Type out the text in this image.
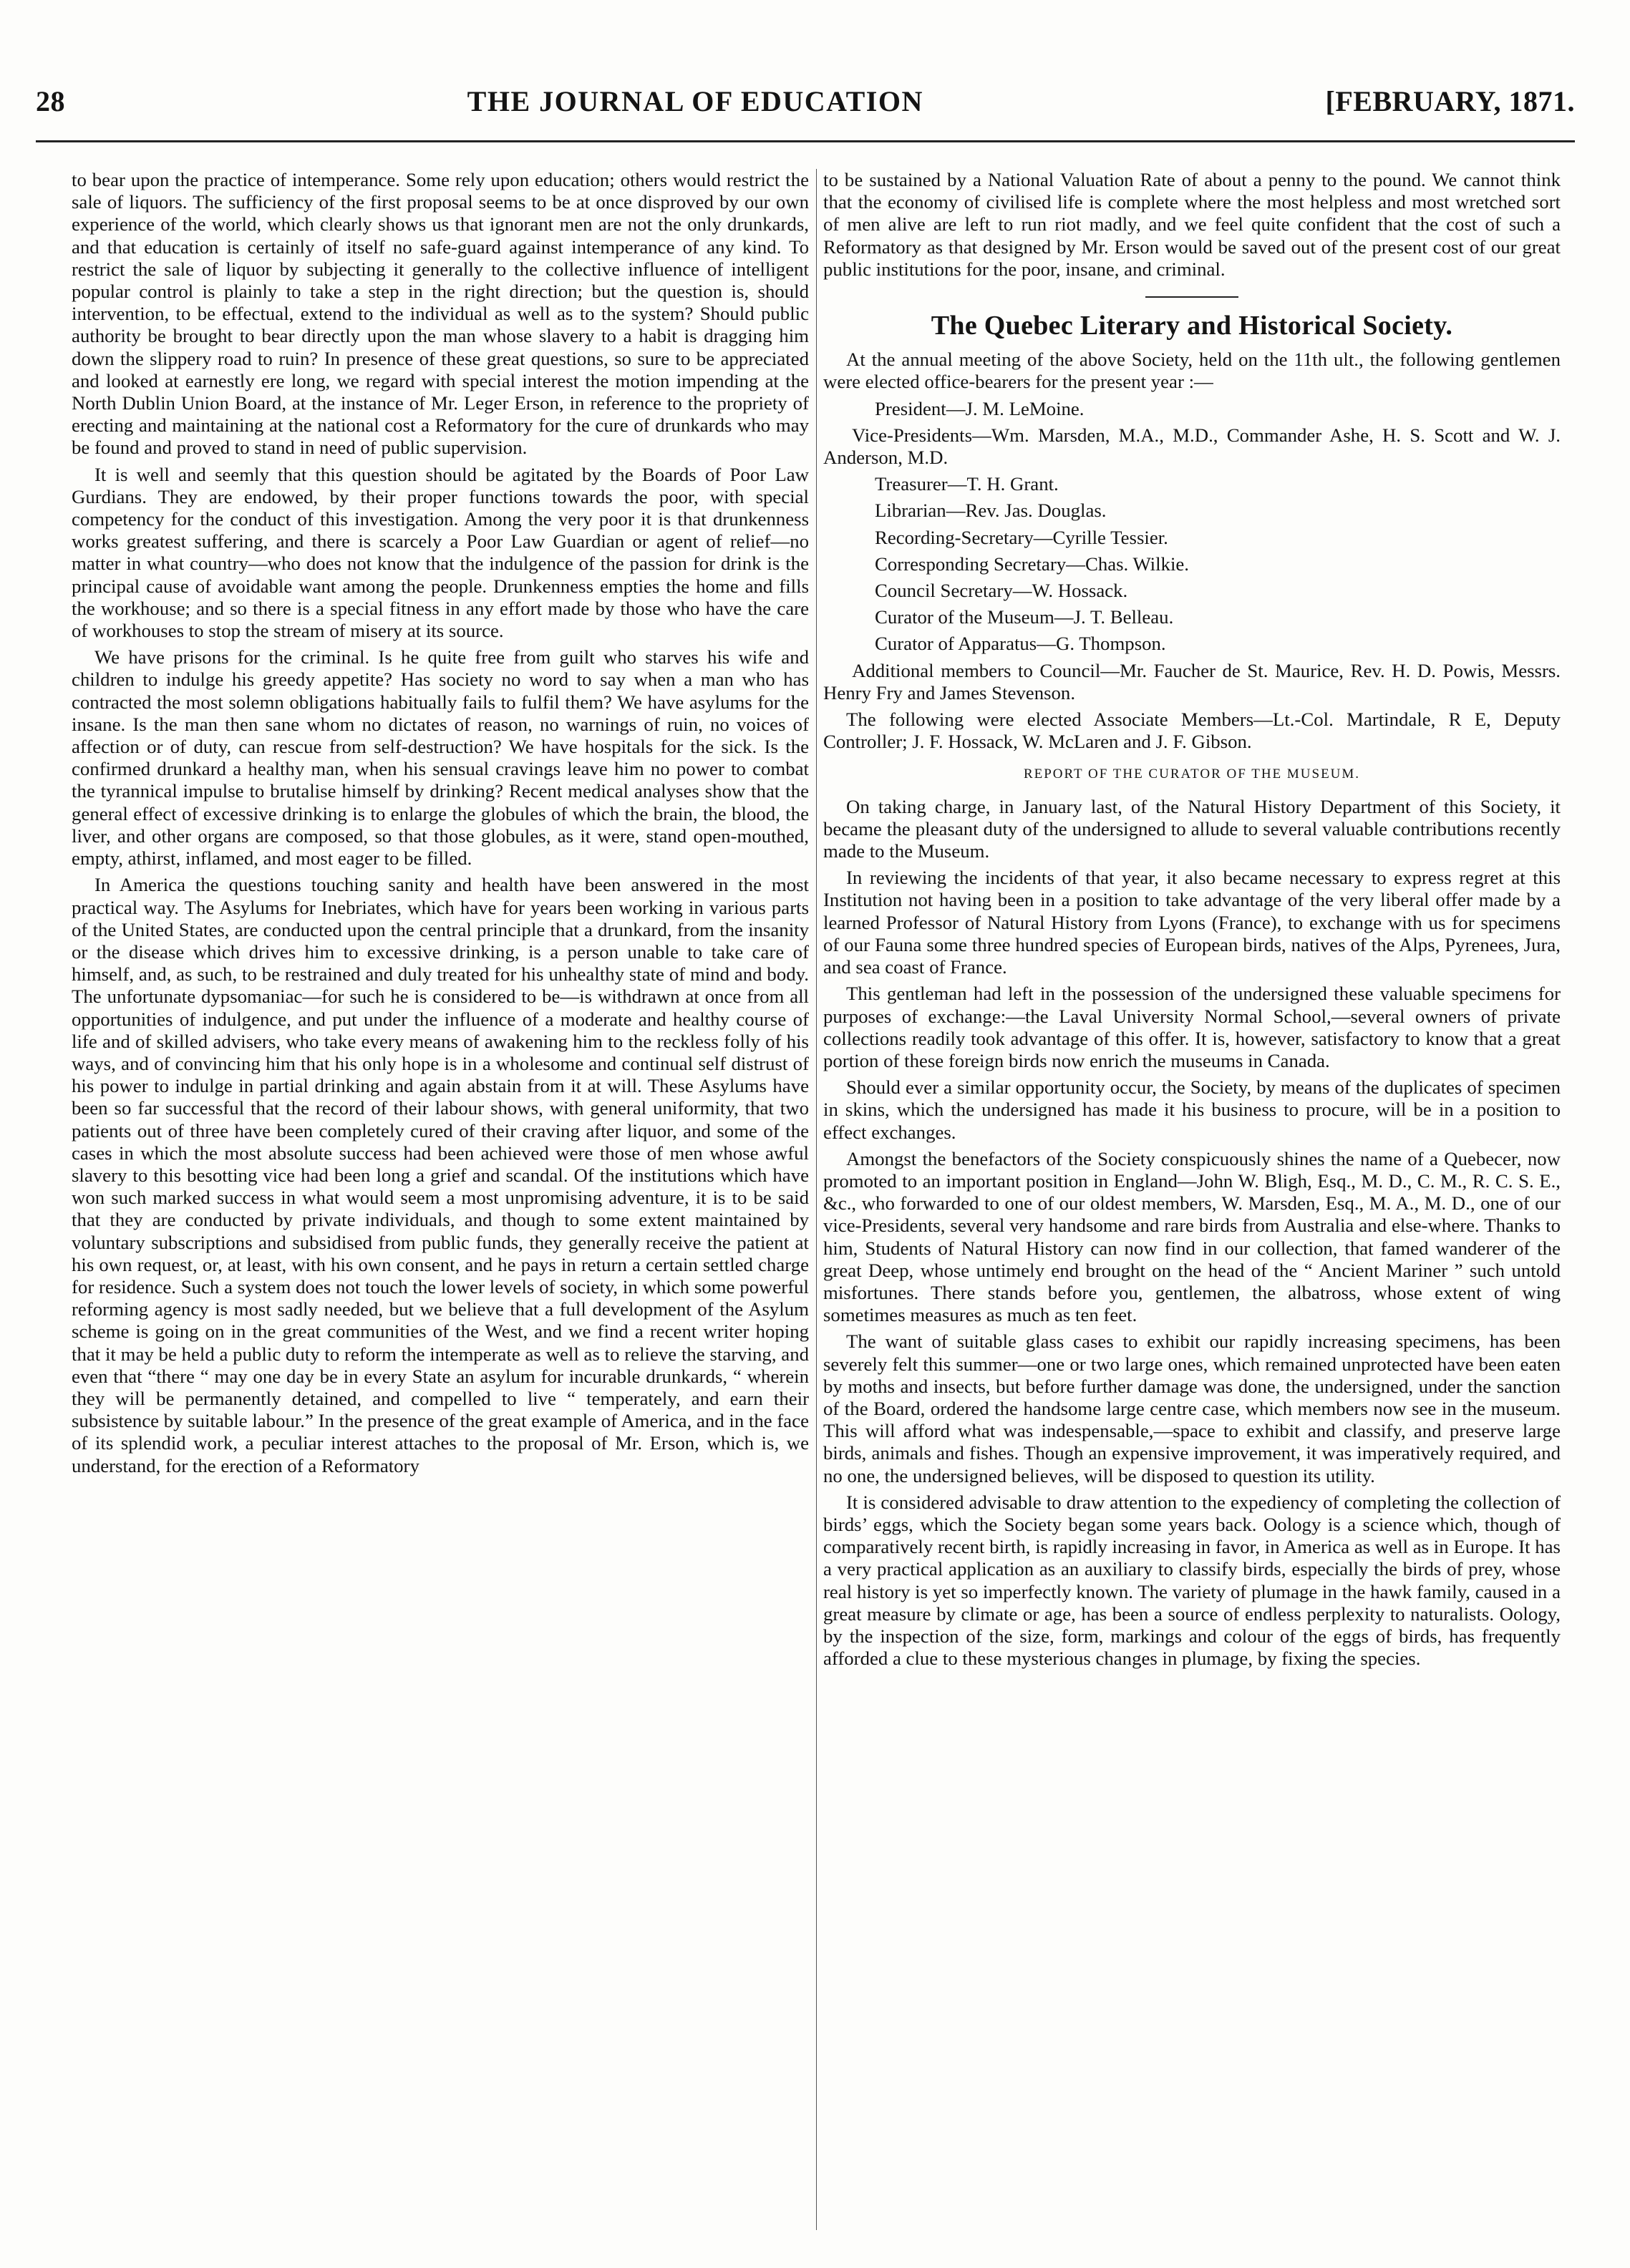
28	THE JOURNAL OF EDUCATION	[FEBRUARY, 1871.

to bear upon the practice of intemperance. Some rely upon education; others would restrict the sale of liquors. The sufficiency of the first proposal seems to be at once disproved by our own experience of the world, which clearly shows us that ignorant men are not the only drunkards, and that education is certainly of itself no safe-guard against intemperance of any kind. To restrict the sale of liquor by subjecting it generally to the collective influence of intelligent popular control is plainly to take a step in the right direction; but the question is, should intervention, to be effectual, extend to the individual as well as to the system? Should public authority be brought to bear directly upon the man whose slavery to a habit is dragging him down the slippery road to ruin? In presence of these great questions, so sure to be appreciated and looked at earnestly ere long, we regard with special interest the motion impending at the North Dublin Union Board, at the instance of Mr. Leger Erson, in reference to the propriety of erecting and maintaining at the national cost a Reformatory for the cure of drunkards who may be found and proved to stand in need of public supervision.

It is well and seemly that this question should be agitated by the Boards of Poor Law Gurdians. They are endowed, by their proper functions towards the poor, with special competency for the conduct of this investigation. Among the very poor it is that drunkenness works greatest suffering, and there is scarcely a Poor Law Guardian or agent of relief—no matter in what country—who does not know that the indulgence of the passion for drink is the principal cause of avoidable want among the people. Drunkenness empties the home and fills the workhouse; and so there is a special fitness in any effort made by those who have the care of workhouses to stop the stream of misery at its source.

We have prisons for the criminal. Is he quite free from guilt who starves his wife and children to indulge his greedy appetite? Has society no word to say when a man who has contracted the most solemn obligations habitually fails to fulfil them? We have asylums for the insane. Is the man then sane whom no dictates of reason, no warnings of ruin, no voices of affection or of duty, can rescue from self-destruction? We have hospitals for the sick. Is the confirmed drunkard a healthy man, when his sensual cravings leave him no power to combat the tyrannical impulse to brutalise himself by drinking? Recent medical analyses show that the general effect of excessive drinking is to enlarge the globules of which the brain, the blood, the liver, and other organs are composed, so that those globules, as it were, stand open-mouthed, empty, athirst, inflamed, and most eager to be filled.

In America the questions touching sanity and health have been answered in the most practical way. The Asylums for Inebriates, which have for years been working in various parts of the United States, are conducted upon the central principle that a drunkard, from the insanity or the disease which drives him to excessive drinking, is a person unable to take care of himself, and, as such, to be restrained and duly treated for his unhealthy state of mind and body. The unfortunate dypsomaniac—for such he is considered to be—is withdrawn at once from all opportunities of indulgence, and put under the influence of a moderate and healthy course of life and of skilled advisers, who take every means of awakening him to the reckless folly of his ways, and of convincing him that his only hope is in a wholesome and continual self distrust of his power to indulge in partial drinking and again abstain from it at will. These Asylums have been so far successful that the record of their labour shows, with general uniformity, that two patients out of three have been completely cured of their craving after liquor, and some of the cases in which the most absolute success had been achieved were those of men whose awful slavery to this besotting vice had been long a grief and scandal. Of the institutions which have won such marked success in what would seem a most unpromising adventure, it is to be said that they are conducted by private individuals, and though to some extent maintained by voluntary subscriptions and subsidised from public funds, they generally receive the patient at his own request, or, at least, with his own consent, and he pays in return a certain settled charge for residence. Such a system does not touch the lower levels of society, in which some powerful reforming agency is most sadly needed, but we believe that a full development of the Asylum scheme is going on in the great communities of the West, and we find a recent writer hoping that it may be held a public duty to reform the intemperate as well as to relieve the starving, and even that “there “ may one day be in every State an asylum for incurable drunkards, “ wherein they will be permanently detained, and compelled to live “ temperately, and earn their subsistence by suitable labour.” In the presence of the great example of America, and in the face of its splendid work, a peculiar interest attaches to the proposal of Mr. Erson, which is, we understand, for the erection of a Reformatory

to be sustained by a National Valuation Rate of about a penny to the pound. We cannot think that the economy of civilised life is complete where the most helpless and most wretched sort of men alive are left to run riot madly, and we feel quite confident that the cost of such a Reformatory as that designed by Mr. Erson would be saved out of the present cost of our great public institutions for the poor, insane, and criminal.

The Quebec Literary and Historical Society.

At the annual meeting of the above Society, held on the 11th ult., the following gentlemen were elected office-bearers for the present year :—

President—J. M. LeMoine.

Vice-Presidents—Wm. Marsden, M.A., M.D., Commander Ashe, H. S. Scott and W. J. Anderson, M.D.

Treasurer—T. H. Grant.

Librarian—Rev. Jas. Douglas.

Recording-Secretary—Cyrille Tessier.

Corresponding Secretary—Chas. Wilkie.

Council Secretary—W. Hossack.

Curator of the Museum—J. T. Belleau.

Curator of Apparatus—G. Thompson.

Additional members to Council—Mr. Faucher de St. Maurice, Rev. H. D. Powis, Messrs. Henry Fry and James Stevenson.

The following were elected Associate Members—Lt.-Col. Martindale, R E, Deputy Controller; J. F. Hossack, W. McLaren and J. F. Gibson.

REPORT OF THE CURATOR OF THE MUSEUM.

On taking charge, in January last, of the Natural History Department of this Society, it became the pleasant duty of the undersigned to allude to several valuable contributions recently made to the Museum.

In reviewing the incidents of that year, it also became necessary to express regret at this Institution not having been in a position to take advantage of the very liberal offer made by a learned Professor of Natural History from Lyons (France), to exchange with us for specimens of our Fauna some three hundred species of European birds, natives of the Alps, Pyrenees, Jura, and sea coast of France.

This gentleman had left in the possession of the undersigned these valuable specimens for purposes of exchange:—the Laval University Normal School,—several owners of private collections readily took advantage of this offer. It is, however, satisfactory to know that a great portion of these foreign birds now enrich the museums in Canada.

Should ever a similar opportunity occur, the Society, by means of the duplicates of specimen in skins, which the undersigned has made it his business to procure, will be in a position to effect exchanges.

Amongst the benefactors of the Society conspicuously shines the name of a Quebecer, now promoted to an important position in England—John W. Bligh, Esq., M. D., C. M., R. C. S. E., &c., who forwarded to one of our oldest members, W. Marsden, Esq., M. A., M. D., one of our vice-Presidents, several very handsome and rare birds from Australia and else-where. Thanks to him, Students of Natural History can now find in our collection, that famed wanderer of the great Deep, whose untimely end brought on the head of the “ Ancient Mariner ” such untold misfortunes. There stands before you, gentlemen, the albatross, whose extent of wing sometimes measures as much as ten feet.

The want of suitable glass cases to exhibit our rapidly increasing specimens, has been severely felt this summer—one or two large ones, which remained unprotected have been eaten by moths and insects, but before further damage was done, the undersigned, under the sanction of the Board, ordered the handsome large centre case, which members now see in the museum. This will afford what was indespensable,—space to exhibit and classify, and preserve large birds, animals and fishes. Though an expensive improvement, it was imperatively required, and no one, the undersigned believes, will be disposed to question its utility.

It is considered advisable to draw attention to the expediency of completing the collection of birds’ eggs, which the Society began some years back. Oology is a science which, though of comparatively recent birth, is rapidly increasing in favor, in America as well as in Europe. It has a very practical application as an auxiliary to classify birds, especially the birds of prey, whose real history is yet so imperfectly known. The variety of plumage in the hawk family, caused in a great measure by climate or age, has been a source of endless perplexity to naturalists. Oology, by the inspection of the size, form, markings and colour of the eggs of birds, has frequently afforded a clue to these mysterious changes in plumage, by fixing the species.
